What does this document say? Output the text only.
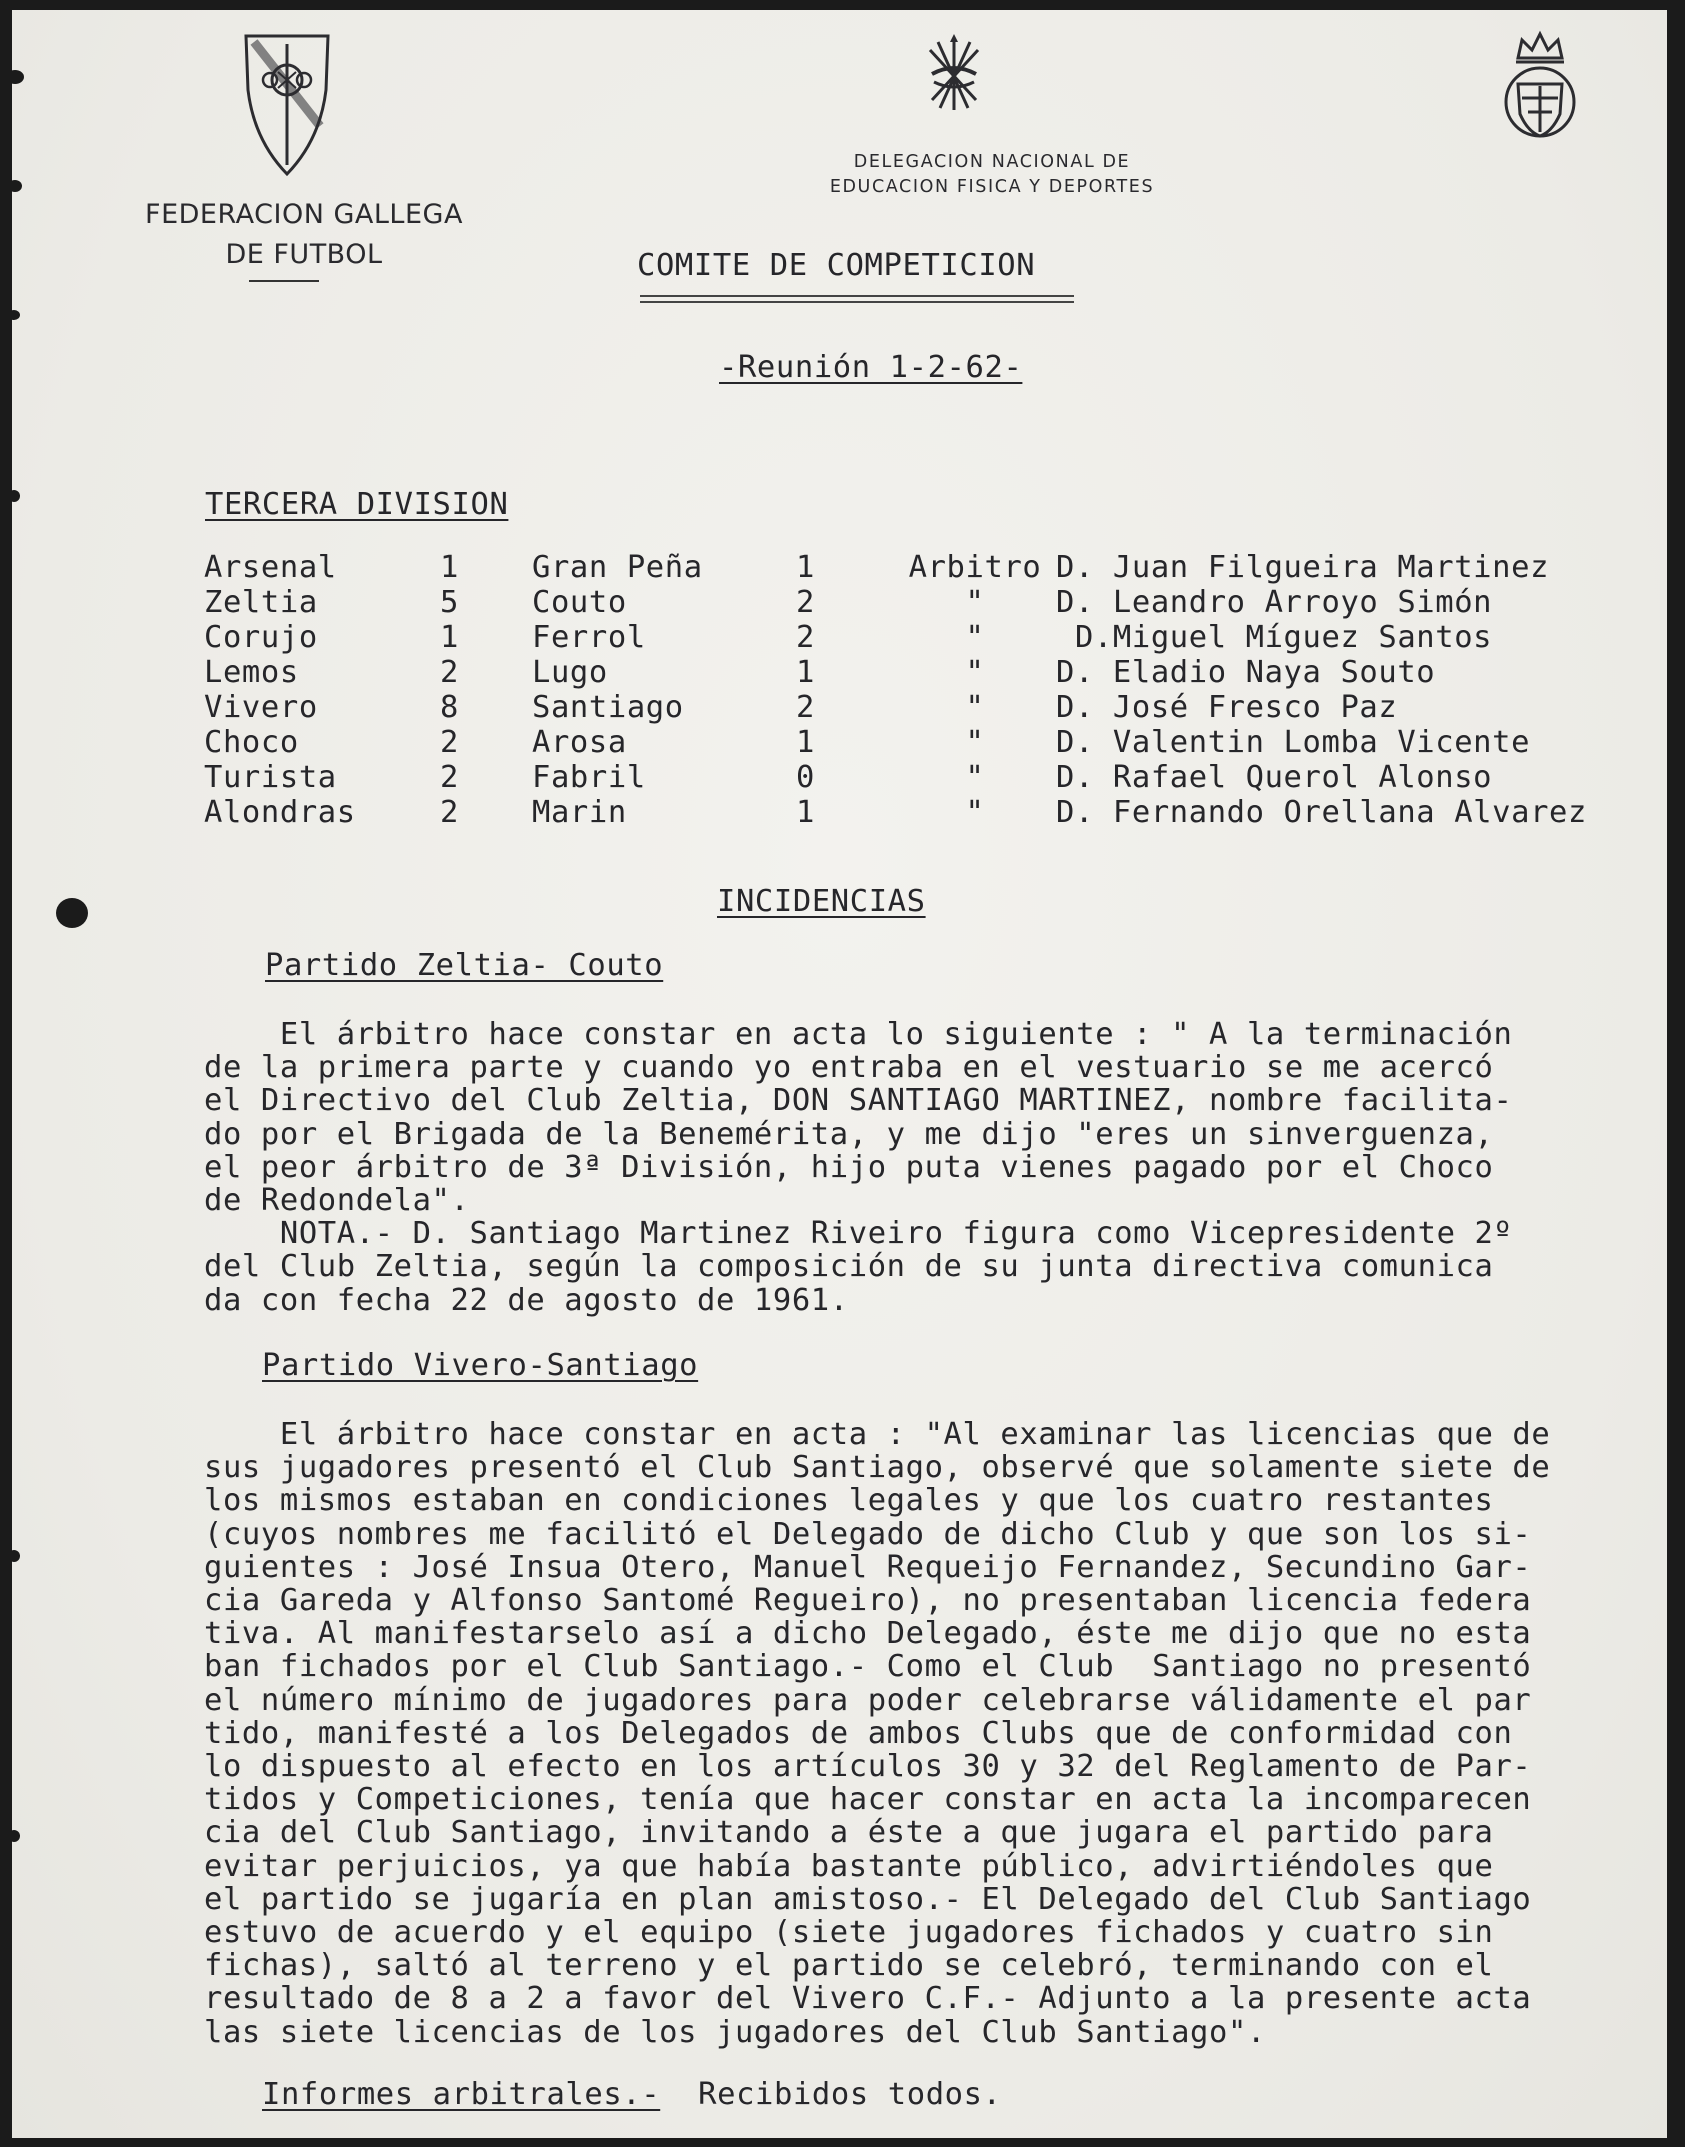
FEDERACION GALLEGA
DE FUTBOL
DELEGACION NACIONAL DE
EDUCACION FISICA Y DEPORTES

COMITE DE COMPETICION

-Reunión 1-2-62-

TERCERA DIVISION

Arsenal	1	Gran Peña	1	Arbitro	D. Juan Filgueira Martinez
Zeltia	5	Couto	2	"	D. Leandro Arroyo Simón
Corujo	1	Ferrol	2	"	D.Miguel Míguez Santos
Lemos	2	Lugo	1	"	D. Eladio Naya Souto
Vivero	8	Santiago	2	"	D. José Fresco Paz
Choco	2	Arosa	1	"	D. Valentin Lomba Vicente
Turista	2	Fabril	0	"	D. Rafael Querol Alonso
Alondras	2	Marin	1	"	D. Fernando Orellana Alvarez

INCIDENCIAS

Partido Zeltia- Couto

El árbitro hace constar en acta lo siguiente : " A la terminación
de la primera parte y cuando yo entraba en el vestuario se me acercó
el Directivo del Club Zeltia, DON SANTIAGO MARTINEZ, nombre facilita-
do por el Brigada de la Benemérita, y me dijo "eres un sinverguenza,
el peor árbitro de 3ª División, hijo puta vienes pagado por el Choco
de Redondela".
NOTA.- D. Santiago Martinez Riveiro figura como Vicepresidente 2º
del Club Zeltia, según la composición de su junta directiva comunica
da con fecha 22 de agosto de 1961.

Partido Vivero-Santiago

El árbitro hace constar en acta : "Al examinar las licencias que de
sus jugadores presentó el Club Santiago, observé que solamente siete de
los mismos estaban en condiciones legales y que los cuatro restantes
(cuyos nombres me facilitó el Delegado de dicho Club y que son los si-
guientes : José Insua Otero, Manuel Requeijo Fernandez, Secundino Gar-
cia Gareda y Alfonso Santomé Regueiro), no presentaban licencia federa
tiva. Al manifestarselo así a dicho Delegado, éste me dijo que no esta
ban fichados por el Club Santiago.- Como el Club  Santiago no presentó
el número mínimo de jugadores para poder celebrarse válidamente el par
tido, manifesté a los Delegados de ambos Clubs que de conformidad con
lo dispuesto al efecto en los artículos 30 y 32 del Reglamento de Par-
tidos y Competiciones, tenía que hacer constar en acta la incomparecen
cia del Club Santiago, invitando a éste a que jugara el partido para
evitar perjuicios, ya que había bastante público, advirtiéndoles que
el partido se jugaría en plan amistoso.- El Delegado del Club Santiago
estuvo de acuerdo y el equipo (siete jugadores fichados y cuatro sin
fichas), saltó al terreno y el partido se celebró, terminando con el
resultado de 8 a 2 a favor del Vivero C.F.- Adjunto a la presente acta
las siete licencias de los jugadores del Club Santiago".

Informes arbitrales.-  Recibidos todos.
